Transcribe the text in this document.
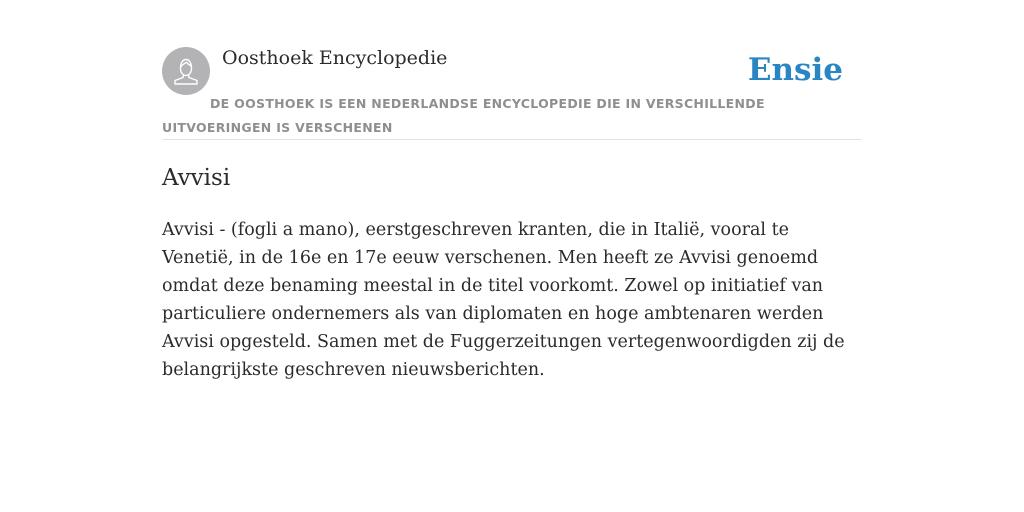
Oosthoek Encyclopedie	Ensie
DE OOSTHOEK IS EEN NEDERLANDSE ENCYCLOPEDIE DIE IN VERSCHILLENDE UITVOERINGEN IS VERSCHENEN
Avvisi

Avvisi - (fogli a mano), eerstgeschreven kranten, die in Italië, vooral te Venetië, in de 16e en 17e eeuw verschenen. Men heeft ze Avvisi genoemd omdat deze benaming meestal in de titel voorkomt. Zowel op initiatief van particuliere ondernemers als van diplomaten en hoge ambtenaren werden Avvisi opgesteld. Samen met de Fuggerzeitungen vertegenwoordigden zij de belangrijkste geschreven nieuwsberichten.
